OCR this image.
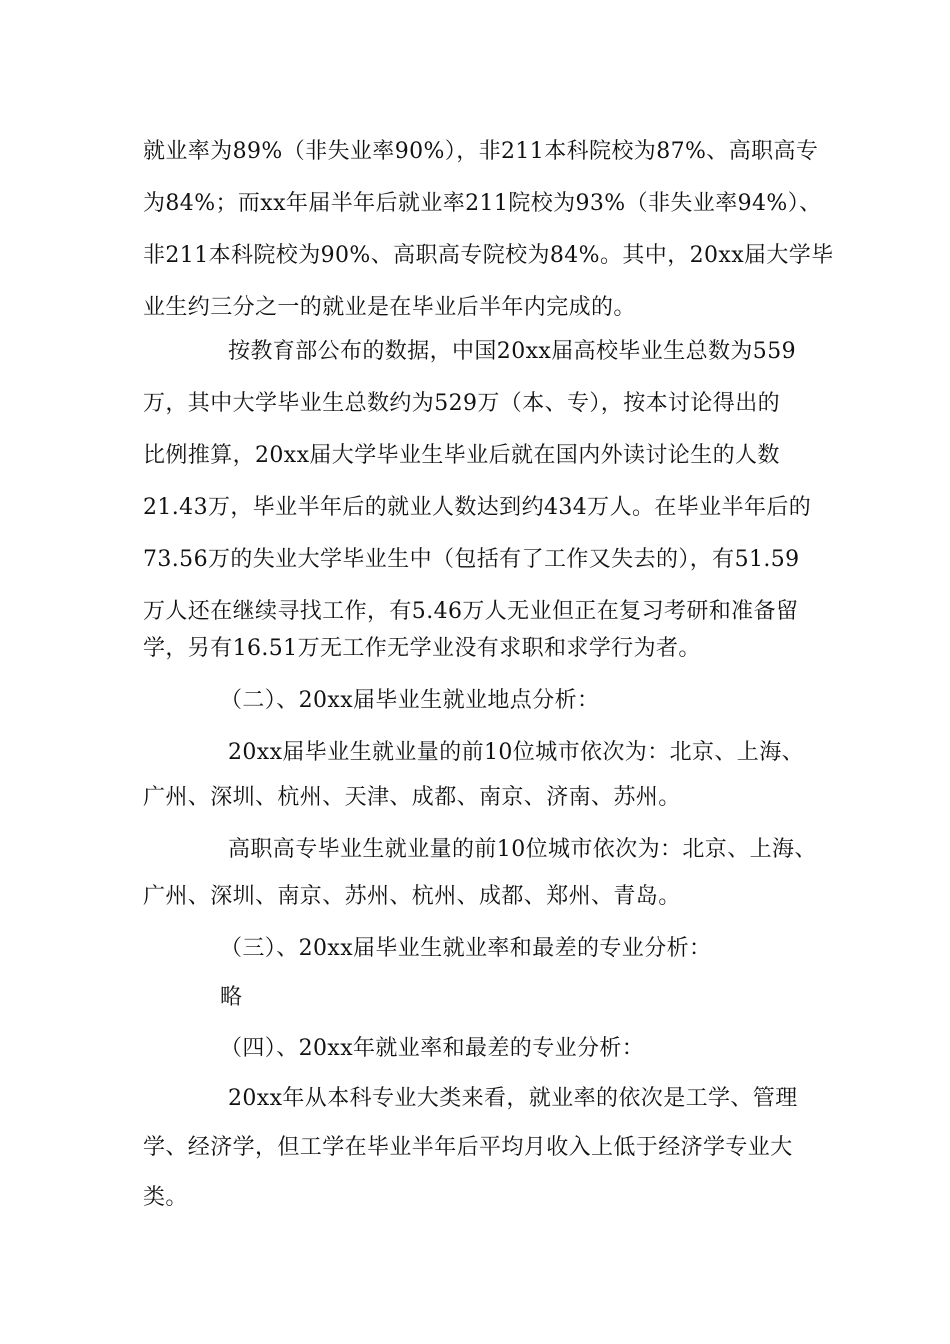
就业率为89%（非失业率90%），非211本科院校为87%、高职高专
为84%；而xx年届半年后就业率211院校为93%（非失业率94%）、
非211本科院校为90%、高职高专院校为84%。其中，20xx届大学毕
业生约三分之一的就业是在毕业后半年内完成的。
按教育部公布的数据，中国20xx届高校毕业生总数为559
万，其中大学毕业生总数约为529万（本、专），按本讨论得出的
比例推算，20xx届大学毕业生毕业后就在国内外读讨论生的人数
21.43万，毕业半年后的就业人数达到约434万人。在毕业半年后的
73.56万的失业大学毕业生中（包括有了工作又失去的），有51.59
万人还在继续寻找工作，有5.46万人无业但正在复习考研和准备留
学，另有16.51万无工作无学业没有求职和求学行为者。
（二）、20xx届毕业生就业地点分析：
20xx届毕业生就业量的前10位城市依次为：北京、上海、
广州、深圳、杭州、天津、成都、南京、济南、苏州。
高职高专毕业生就业量的前10位城市依次为：北京、上海、
广州、深圳、南京、苏州、杭州、成都、郑州、青岛。
（三）、20xx届毕业生就业率和最差的专业分析：
略
（四）、20xx年就业率和最差的专业分析：
20xx年从本科专业大类来看，就业率的依次是工学、管理
学、经济学，但工学在毕业半年后平均月收入上低于经济学专业大
类。
